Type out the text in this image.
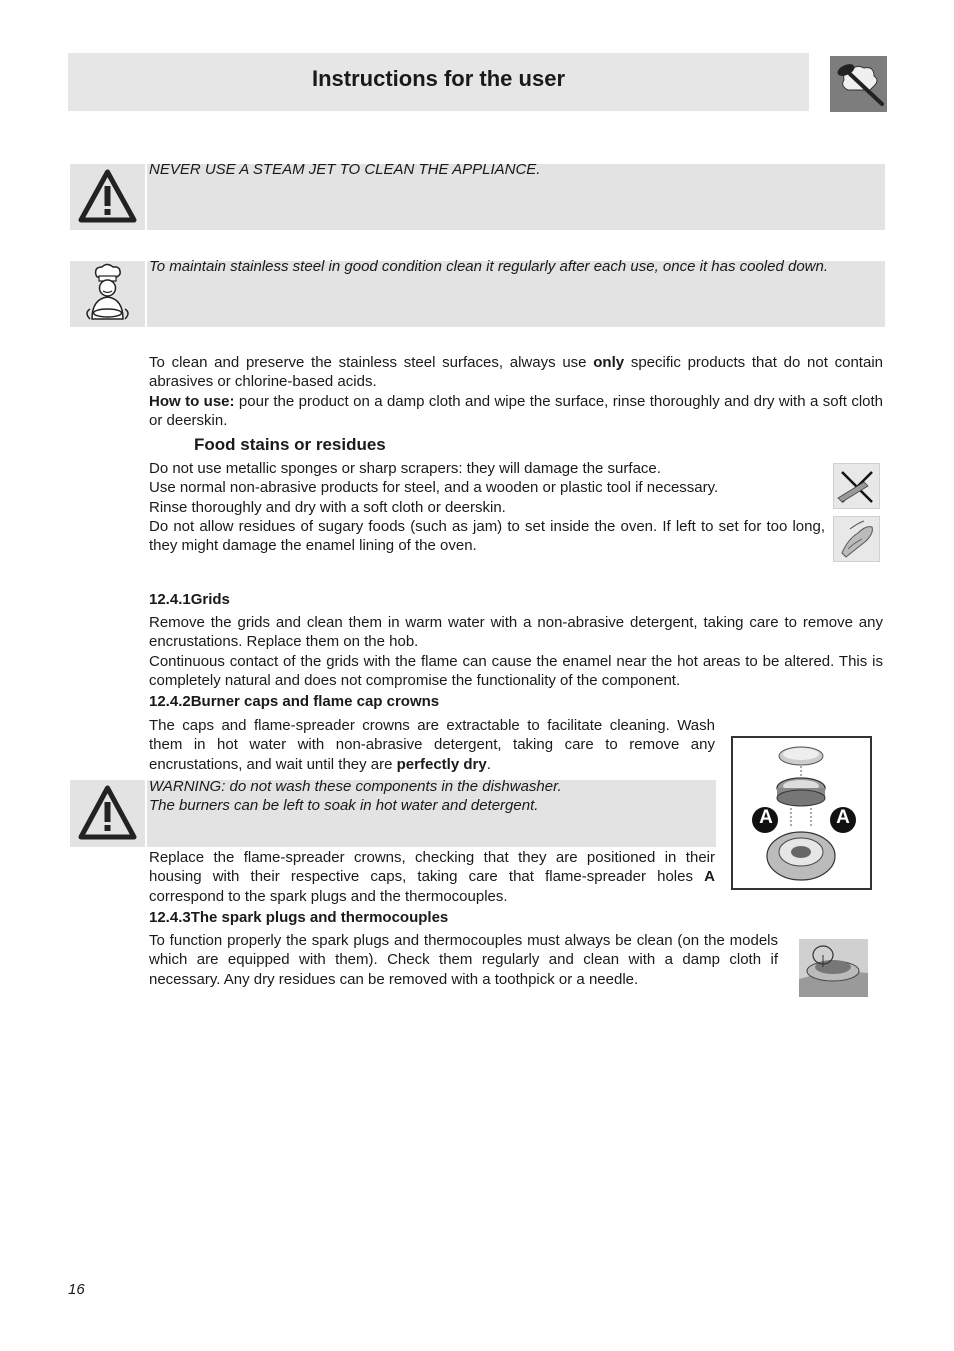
Instructions for the user
NEVER USE A STEAM JET TO CLEAN THE APPLIANCE.
To maintain stainless steel in good condition clean it regularly after each use, once it has cooled down.

To clean and preserve the stainless steel surfaces, always use only specific products that do not contain abrasives or chlorine-based acids.

How to use: pour the product on a damp cloth and wipe the surface, rinse thoroughly and dry with a soft cloth or deerskin.

Food stains or residues

Do not use metallic sponges or sharp scrapers: they will damage the surface.

Use normal non-abrasive products for steel, and a wooden or plastic tool if necessary.

Rinse thoroughly and dry with a soft cloth or deerskin.

Do not allow residues of sugary foods (such as jam) to set inside the oven. If left to set for too long, they might damage the enamel lining of the oven.

12.4.1Grids

Remove the grids and clean them in warm water with a non-abrasive detergent, taking care to remove any encrustations. Replace them on the hob.

Continuous contact of the grids with the flame can cause the enamel near the hot areas to be altered. This is completely natural and does not compromise the functionality of the component.

12.4.2Burner caps and flame cap crowns

The caps and flame-spreader crowns are extractable to facilitate cleaning. Wash them in hot water with non-abrasive detergent, taking care to remove any encrustations, and wait until they are perfectly dry.

WARNING: do not wash these components in the dishwasher.

The burners can be left to soak in hot water and detergent.

Replace the flame-spreader crowns, checking that they are positioned in their housing with their respective caps, taking care that flame-spreader holes A correspond to the spark plugs and the thermocouples.

A	A
12.4.3The spark plugs and thermocouples

To function properly the spark plugs and thermocouples must always be clean (on the models which are equipped with them). Check them regularly and clean with a damp cloth if necessary. Any dry residues can be removed with a toothpick or a needle.

16
